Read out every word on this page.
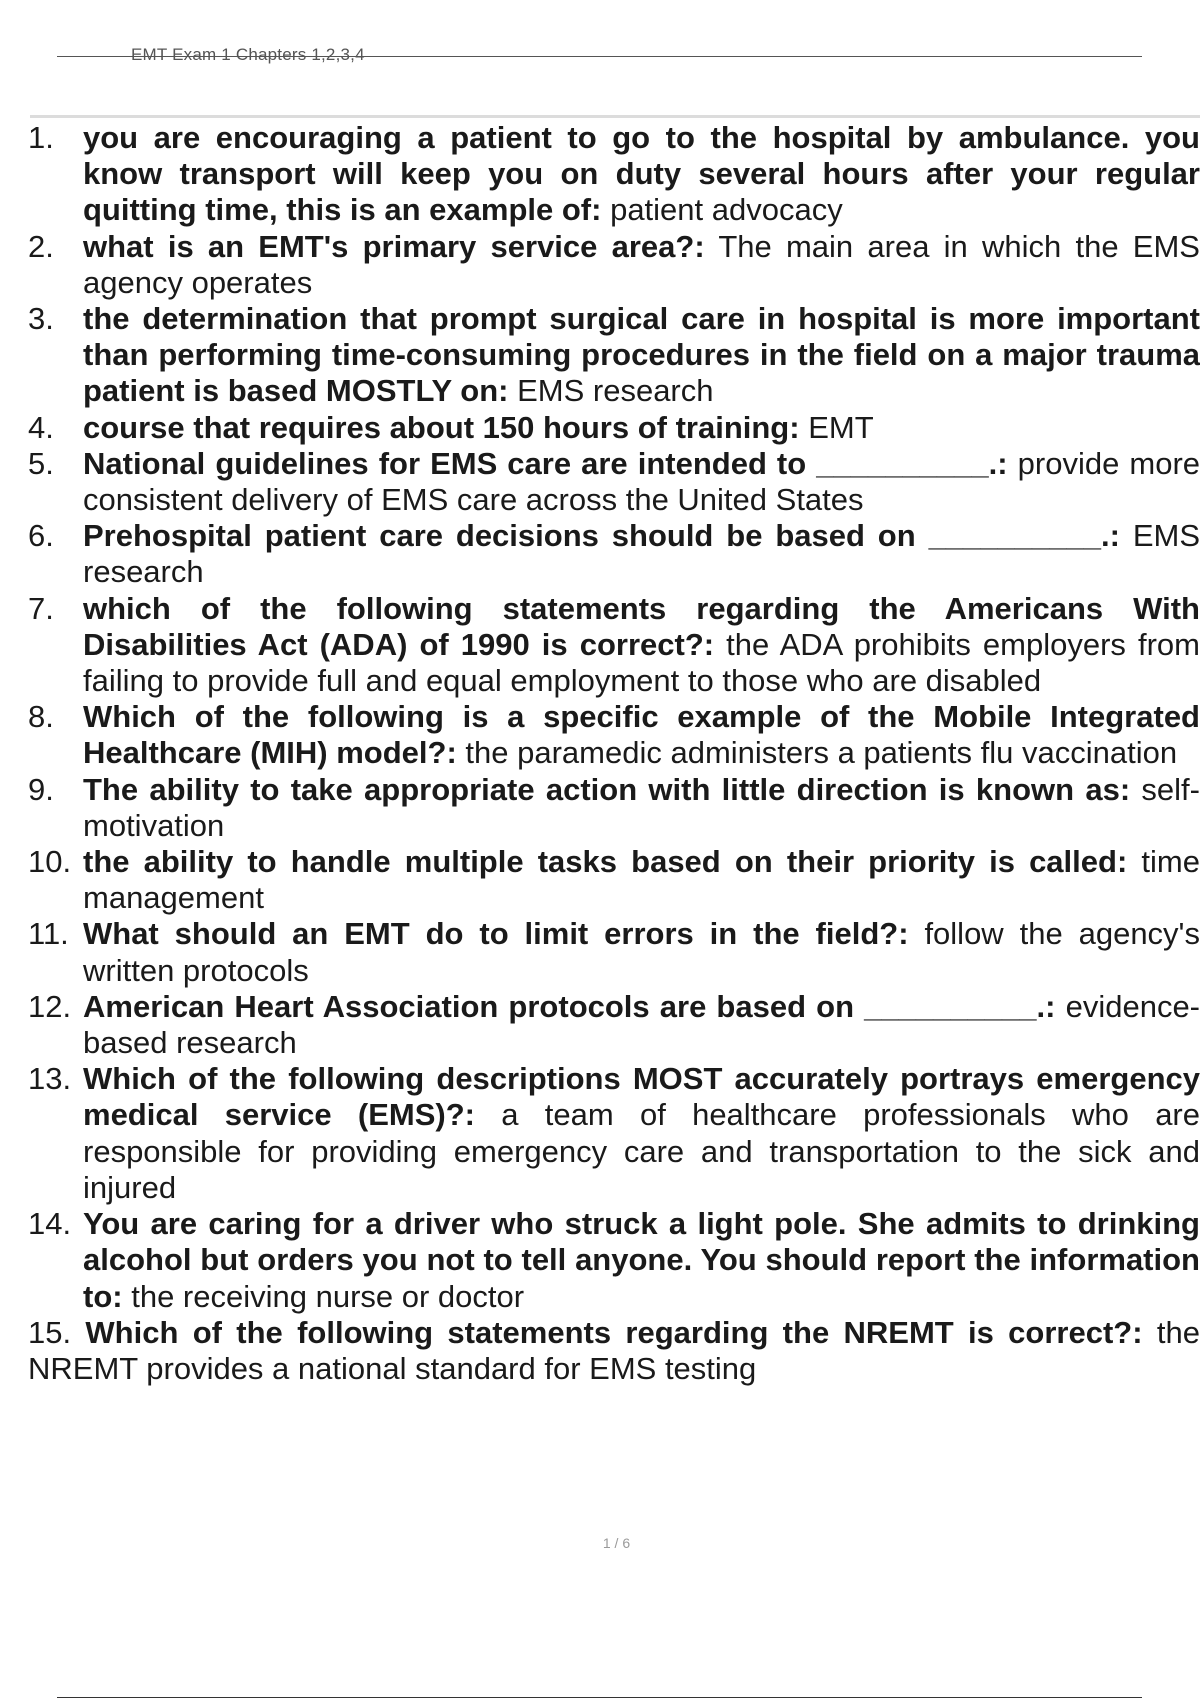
EMT Exam 1 Chapters 1,2,3,4
1. you are encouraging a patient to go to the hospital by ambulance. you know transport will keep you on duty several hours after your regular quitting time, this is an example of: patient advocacy
2. what is an EMT's primary service area?: The main area in which the EMS agency operates
3. the determination that prompt surgical care in hospital is more important than performing time-consuming procedures in the field on a major trauma patient is based MOSTLY on: EMS research
4. course that requires about 150 hours of training: EMT
5. National guidelines for EMS care are intended to __________.: provide more consistent delivery of EMS care across the United States
6. Prehospital patient care decisions should be based on __________.: EMS research
7. which of the following statements regarding the Americans With Disabilities Act (ADA) of 1990 is correct?: the ADA prohibits employers from failing to provide full and equal employment to those who are disabled
8. Which of the following is a specific example of the Mobile Integrated Healthcare (MIH) model?: the paramedic administers a patients flu vaccination
9. The ability to take appropriate action with little direction is known as: self-motivation
10. the ability to handle multiple tasks based on their priority is called: time management
11. What should an EMT do to limit errors in the field?: follow the agency's written protocols
12. American Heart Association protocols are based on __________.: evidence-based research
13. Which of the following descriptions MOST accurately portrays emergency medical service (EMS)?: a team of healthcare professionals who are responsible for providing emergency care and transportation to the sick and injured
14. You are caring for a driver who struck a light pole. She admits to drinking alcohol but orders you not to tell anyone. You should report the information to: the receiving nurse or doctor
15. Which of the following statements regarding the NREMT is correct?: the NREMT provides a national standard for EMS testing
1 / 6
